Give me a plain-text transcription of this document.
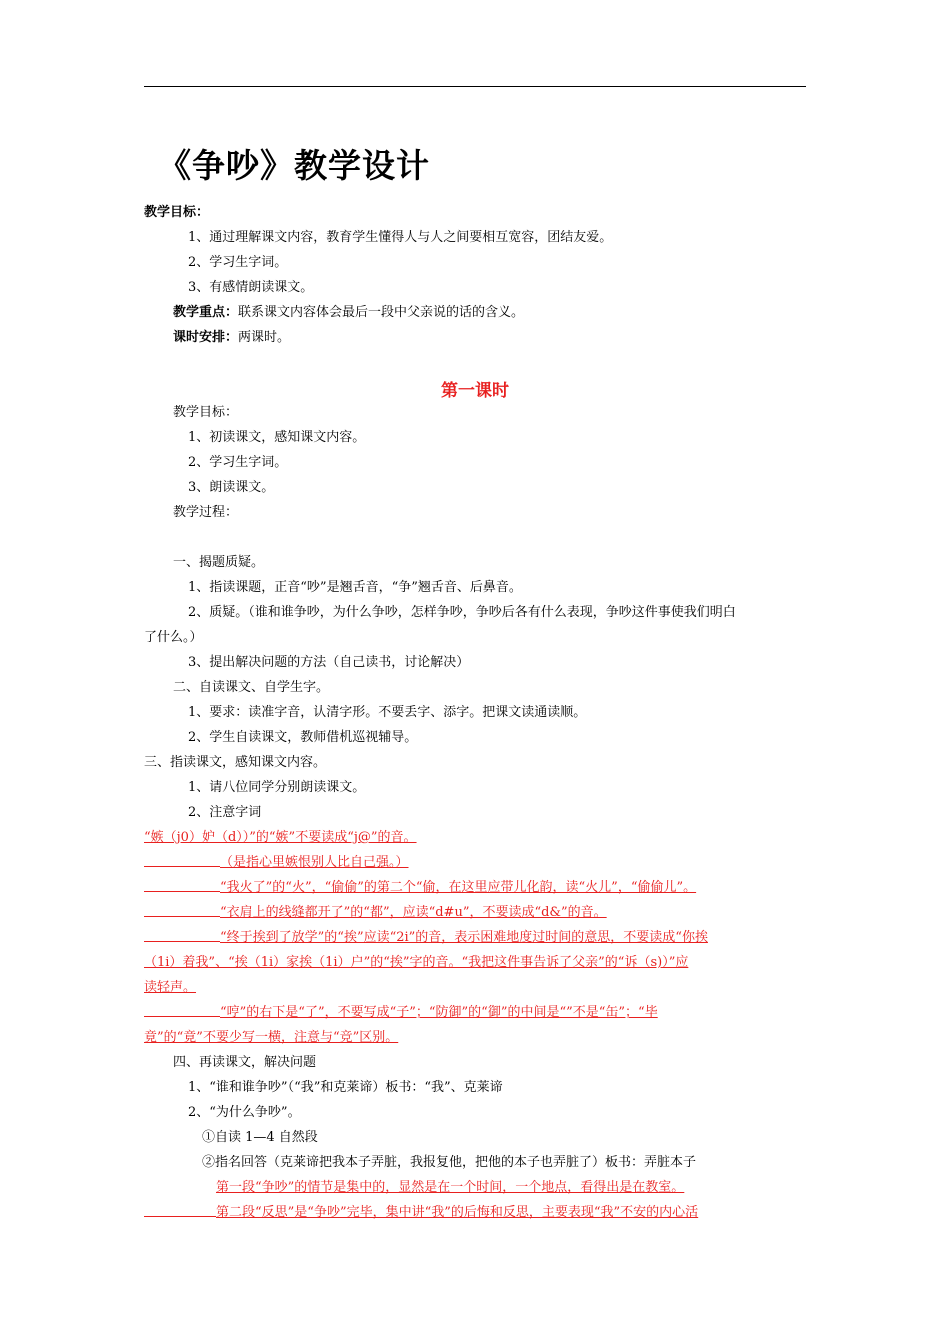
《争吵》教学设计
教学目标：
1、通过理解课文内容，教育学生懂得人与人之间要相互宽容，团结友爱。
2、学习生字词。
3、有感情朗读课文。
教学重点：联系课文内容体会最后一段中父亲说的话的含义。
课时安排：两课时。
第一课时
教学目标：
1、初读课文，感知课文内容。
2、学习生字词。
3、朗读课文。
教学过程：
一、揭题质疑。
1、指读课题，正音“吵”是翘舌音，“争”翘舌音、后鼻音。
2、质疑。（谁和谁争吵，为什么争吵，怎样争吵，争吵后各有什么表现，争吵这件事使我们明白
了什么。）
3、提出解决问题的方法（自己读书，讨论解决）
二、自读课文、自学生字。
1、要求：读准字音，认清字形。不要丢字、添字。把课文读通读顺。
2、学生自读课文，教师借机巡视辅导。
三、指读课文，感知课文内容。
1、请八位同学分别朗读课文。
2、注意字词
“嫉（j0）妒（d））”的“嫉”不要读成“j@”的音。
（是指心里嫉恨别人比自己强。）
“我火了”的“火”，“偷偷”的第二个“偷，在这里应带儿化韵，读“火儿”，“偷偷儿”。
“衣肩上的线缝都开了”的“都”，应读“d#u”，不要读成“d&”的音。
“终于挨到了放学”的“挨”应读“2i”的音，表示困难地度过时间的意思，不要读成“你挨
（1i）着我”、“挨（1i）家挨（1i）户”的“挨”字的音。“我把这件事告诉了父亲”的“诉（s)）”应
读轻声。
“哼”的右下是“了”，不要写成“子”；“防御”的“御”的中间是“”不是“缶”；“毕
竟”的“竟”不要少写一横，注意与“竞”区别。
四、再读课文，解决问题
1、“谁和谁争吵”（“我”和克莱谛）板书：“我”、克莱谛
2、“为什么争吵”。
①自读 1—4 自然段
②指名回答（克莱谛把我本子弄脏，我报复他，把他的本子也弄脏了）板书：弄脏本子
第一段“争吵”的情节是集中的，显然是在一个时间，一个地点，看得出是在教室。
第二段“反思”是“争吵”完毕，集中讲“我”的后悔和反思，主要表现“我”不安的内心活
